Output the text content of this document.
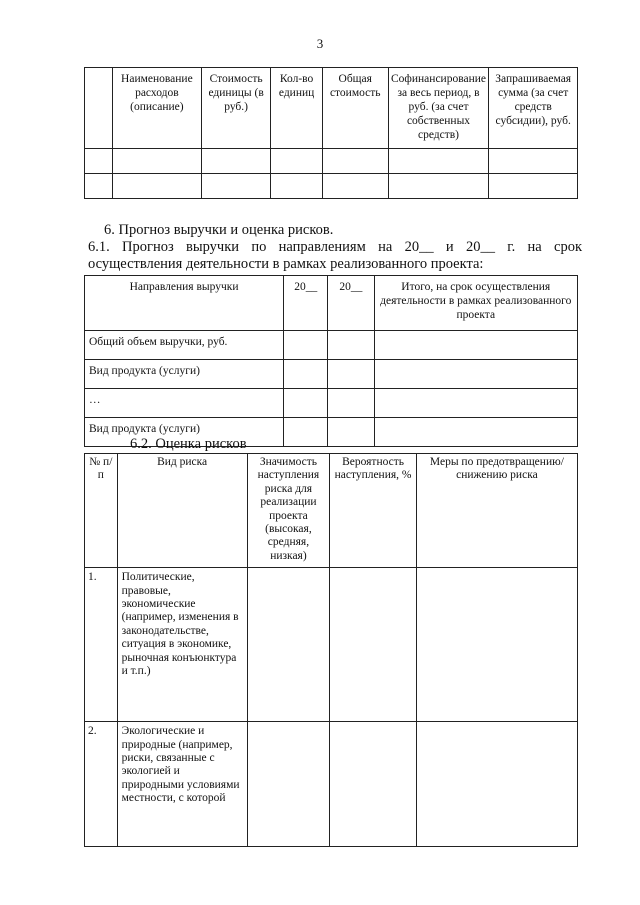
3
	Наименование расходов (описание)	Стоимость единицы (в руб.)	Кол-во единиц	Общая стоимость	Софинансирование за весь период, в руб. (за счет собственных средств)	Запрашиваемая сумма (за счет средств субсидии), руб.

6. Прогноз выручки и оценка рисков.
6.1. Прогноз выручки по направлениям на 20__ и 20__ г. на срок
осуществления деятельности в рамках реализованного проекта:
Направления выручки	20__	20__	Итого, на срок осуществления деятельности в рамках реализованного проекта
Общий объем выручки, руб.			
Вид продукта (услуги)			
…			
Вид продукта (услуги)			
6.2. Оценка рисков
№ п/п	Вид риска	Значимость наступления риска для реализации проекта (высокая, средняя, низкая)	Вероятность наступления, %	Меры по предотвращению/снижению риска
1.	Политические, правовые, экономические (например, изменения в законодательстве, ситуация в экономике, рыночная конъюнктура и т.п.)			
2.	Экологические и природные (например, риски, связанные с экологией и природными условиями местности, с которой			
